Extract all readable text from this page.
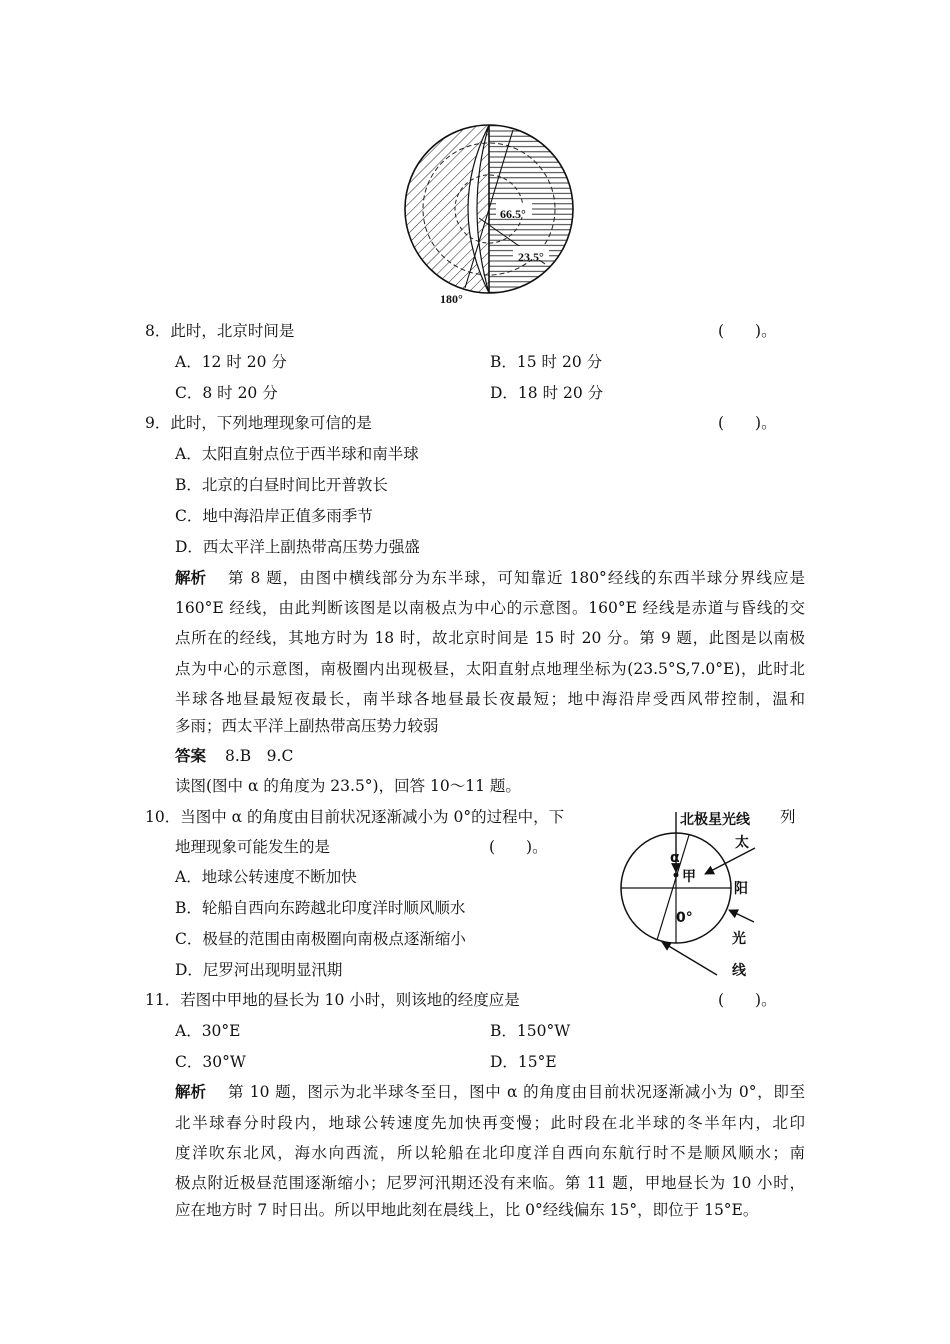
66.5°
23.5°
180°
8．此时，北京时间是	(　　)。
A．12 时 20 分	B．15 时 20 分
C．8 时 20 分	D．18 时 20 分
9．此时，下列地理现象可信的是	(　　)。
A．太阳直射点位于西半球和南半球
B．北京的白昼时间比开普敦长
C．地中海沿岸正值多雨季节
D．西太平洋上副热带高压势力强盛
解析 第 8 题，由图中横线部分为东半球，可知靠近 180°经线的东西半球分界线应是
160°E 经线，由此判断该图是以南极点为中心的示意图。160°E 经线是赤道与昏线的交
点所在的经线，其地方时为 18 时，故北京时间是 15 时 20 分。第 9 题，此图是以南极
点为中心的示意图，南极圈内出现极昼，太阳直射点地理坐标为(23.5°S,7.0°E)，此时北
半球各地昼最短夜最长，南半球各地昼最长夜最短；地中海沿岸受西风带控制，温和
多雨；西太平洋上副热带高压势力较弱
答案 8.B　9.C
读图(图中 α 的角度为 23.5°)，回答 10～11 题。
10．当图中 α 的角度由目前状况逐渐减小为 0°的过程中，下	列
地理现象可能发生的是	(　　)。
A．地球公转速度不断加快
B．轮船自西向东跨越北印度洋时顺风顺水
C．极昼的范围由南极圈向南极点逐渐缩小
D．尼罗河出现明显汛期
北极星光线
太
阳
光
线
α
甲
0°
11．若图中甲地的昼长为 10 小时，则该地的经度应是	(　　)。
A．30°E	B．150°W
C．30°W	D．15°E
解析 第 10 题，图示为北半球冬至日，图中 α 的角度由目前状况逐渐减小为 0°，即至
北半球春分时段内，地球公转速度先加快再变慢；此时段在北半球的冬半年内，北印
度洋吹东北风，海水向西流，所以轮船在北印度洋自西向东航行时不是顺风顺水；南
极点附近极昼范围逐渐缩小；尼罗河汛期还没有来临。第 11 题，甲地昼长为 10 小时，
应在地方时 7 时日出。所以甲地此刻在晨线上，比 0°经线偏东 15°，即位于 15°E。
